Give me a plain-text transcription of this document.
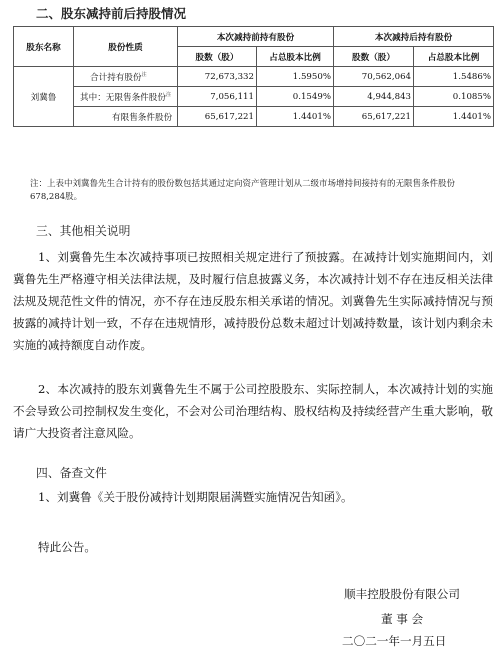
二、股东减持前后持股情况
股东名称	股份性质	本次减持前持有股份		本次减持后持有股份	
		股数（股）	占总股本比例	股数（股）	占总股本比例
刘冀鲁	合计持有股份$^注$	72,673,332	1.5950%	70,562,064	1.5486%
	其中：无限售条件股份$^注$	7,056,111	0.1549%	4,944,843	0.1085%
	有限售条件股份	65,617,221	1.4401%	65,617,221	1.4401%
注：上表中刘冀鲁先生合计持有的股份数包括其通过定向资产管理计划从二级市场增持间接持有的无限售条件股份678,284股。
三、其他相关说明

1、刘冀鲁先生本次减持事项已按照相关规定进行了预披露。在减持计划实施期间内，刘冀鲁先生严格遵守相关法律法规，及时履行信息披露义务，本次减持计划不存在违反相关法律法规及规范性文件的情况，亦不存在违反股东相关承诺的情况。刘冀鲁先生实际减持情况与预披露的减持计划一致，不存在违规情形，减持股份总数未超过计划减持数量，该计划内剩余未实施的减持额度自动作废。

2、本次减持的股东刘冀鲁先生不属于公司控股股东、实际控制人，本次减持计划的实施不会导致公司控制权发生变化，不会对公司治理结构、股权结构及持续经营产生重大影响，敬请广大投资者注意风险。

四、备查文件
1、刘冀鲁《关于股份减持计划期限届满暨实施情况告知函》。
特此公告。
顺丰控股股份有限公司
董 事 会
二〇二一年一月五日
